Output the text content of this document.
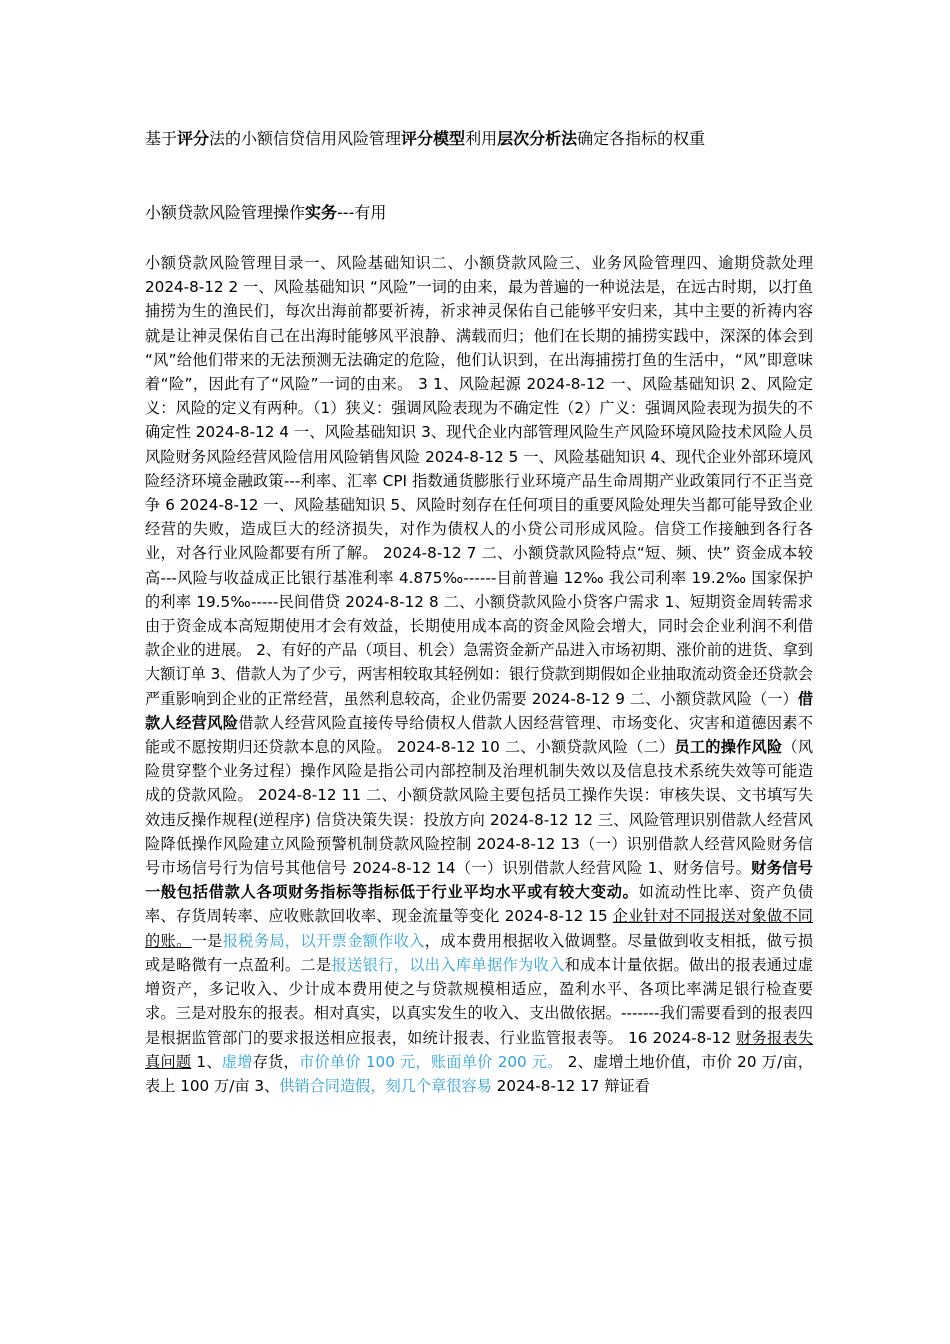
基于评分法的小额信贷信用风险管理评分模型利用层次分析法确定各指标的权重
小额贷款风险管理操作实务---有用
小额贷款风险管理目录一、风险基础知识二、小额贷款风险三、业务风险管理四、逾期贷款处理 2024-8-12 2 一、风险基础知识 “风险”一词的由来，最为普遍的一种说法是，在远古时期，以打鱼捕捞为生的渔民们，每次出海前都要祈祷，祈求神灵保佑自己能够平安归来，其中主要的祈祷内容就是让神灵保佑自己在出海时能够风平浪静、满载而归；他们在长期的捕捞实践中，深深的体会到 “风”给他们带来的无法预测无法确定的危险，他们认识到，在出海捕捞打鱼的生活中，“风”即意味着“险”，因此有了“风险”一词的由来。 3 1、风险起源 2024-8-12 一、风险基础知识 2、风险定义：风险的定义有两种。（1）狭义：强调风险表现为不确定性（2）广义：强调风险表现为损失的不确定性 2024-8-12 4 一、风险基础知识 3、现代企业内部管理风险生产风险环境风险技术风险人员风险财务风险经营风险信用风险销售风险 2024-8-12 5 一、风险基础知识 4、现代企业外部环境风险经济环境金融政策---利率、汇率 CPI 指数通货膨胀行业环境产品生命周期产业政策同行不正当竞争 6 2024-8-12 一、风险基础知识 5、风险时刻存在任何项目的重要风险处理失当都可能导致企业经营的失败，造成巨大的经济损失，对作为债权人的小贷公司形成风险。信贷工作接触到各行各业，对各行业风险都要有所了解。 2024-8-12 7 二、小额贷款风险特点“短、频、快” 资金成本较高---风险与收益成正比银行基准利率 4.875‰------目前普遍 12‰ 我公司利率 19.2‰ 国家保护的利率 19.5‰-----民间借贷 2024-8-12 8 二、小额贷款风险小贷客户需求 1、短期资金周转需求由于资金成本高短期使用才会有效益，长期使用成本高的资金风险会增大，同时会企业利润不利借款企业的进展。 2、有好的产品（项目、机会）急需资金新产品进入市场初期、涨价前的进货、拿到大额订单 3、借款人为了少亏，两害相较取其轻例如：银行贷款到期假如企业抽取流动资金还贷款会严重影响到企业的正常经营，虽然利息较高，企业仍需要 2024-8-12 9 二、小额贷款风险（一）借款人经营风险借款人经营风险直接传导给债权人借款人因经营管理、市场变化、灾害和道德因素不能或不愿按期归还贷款本息的风险。 2024-8-12 10 二、小额贷款风险（二）员工的操作风险（风险贯穿整个业务过程）操作风险是指公司内部控制及治理机制失效以及信息技术系统失效等可能造成的贷款风险。 2024-8-12 11 二、小额贷款风险主要包括员工操作失误：审核失误、文书填写失效违反操作规程(逆程序) 信贷决策失误：投放方向 2024-8-12 12 三、风险管理识别借款人经营风险降低操作风险建立风险预警机制贷款风险控制 2024-8-12 13（一）识别借款人经营风险财务信号市场信号行为信号其他信号 2024-8-12 14（一）识别借款人经营风险 1、财务信号。财务信号一般包括借款人各项财务指标等指标低于行业平均水平或有较大变动。如流动性比率、资产负债率、存货周转率、应收账款回收率、现金流量等变化 2024-8-12 15 企业针对不同报送对象做不同的账。一是报税务局，以开票金额作收入，成本费用根据收入做调整。尽量做到收支相抵，做亏损或是略微有一点盈利。二是报送银行，以出入库单据作为收入和成本计量依据。做出的报表通过虚增资产，多记收入、少计成本费用使之与贷款规模相适应，盈利水平、各项比率满足银行检查要求。三是对股东的报表。相对真实，以真实发生的收入、支出做依据。-------我们需要看到的报表四是根据监管部门的要求报送相应报表，如统计报表、行业监管报表等。 16 2024-8-12 财务报表失真问题 1、虚增存货，市价单价 100 元，账面单价 200 元。 2、虚增土地价值，市价 20 万/亩，表上 100 万/亩 3、供销合同造假，刻几个章很容易 2024-8-12 17 辩证看
